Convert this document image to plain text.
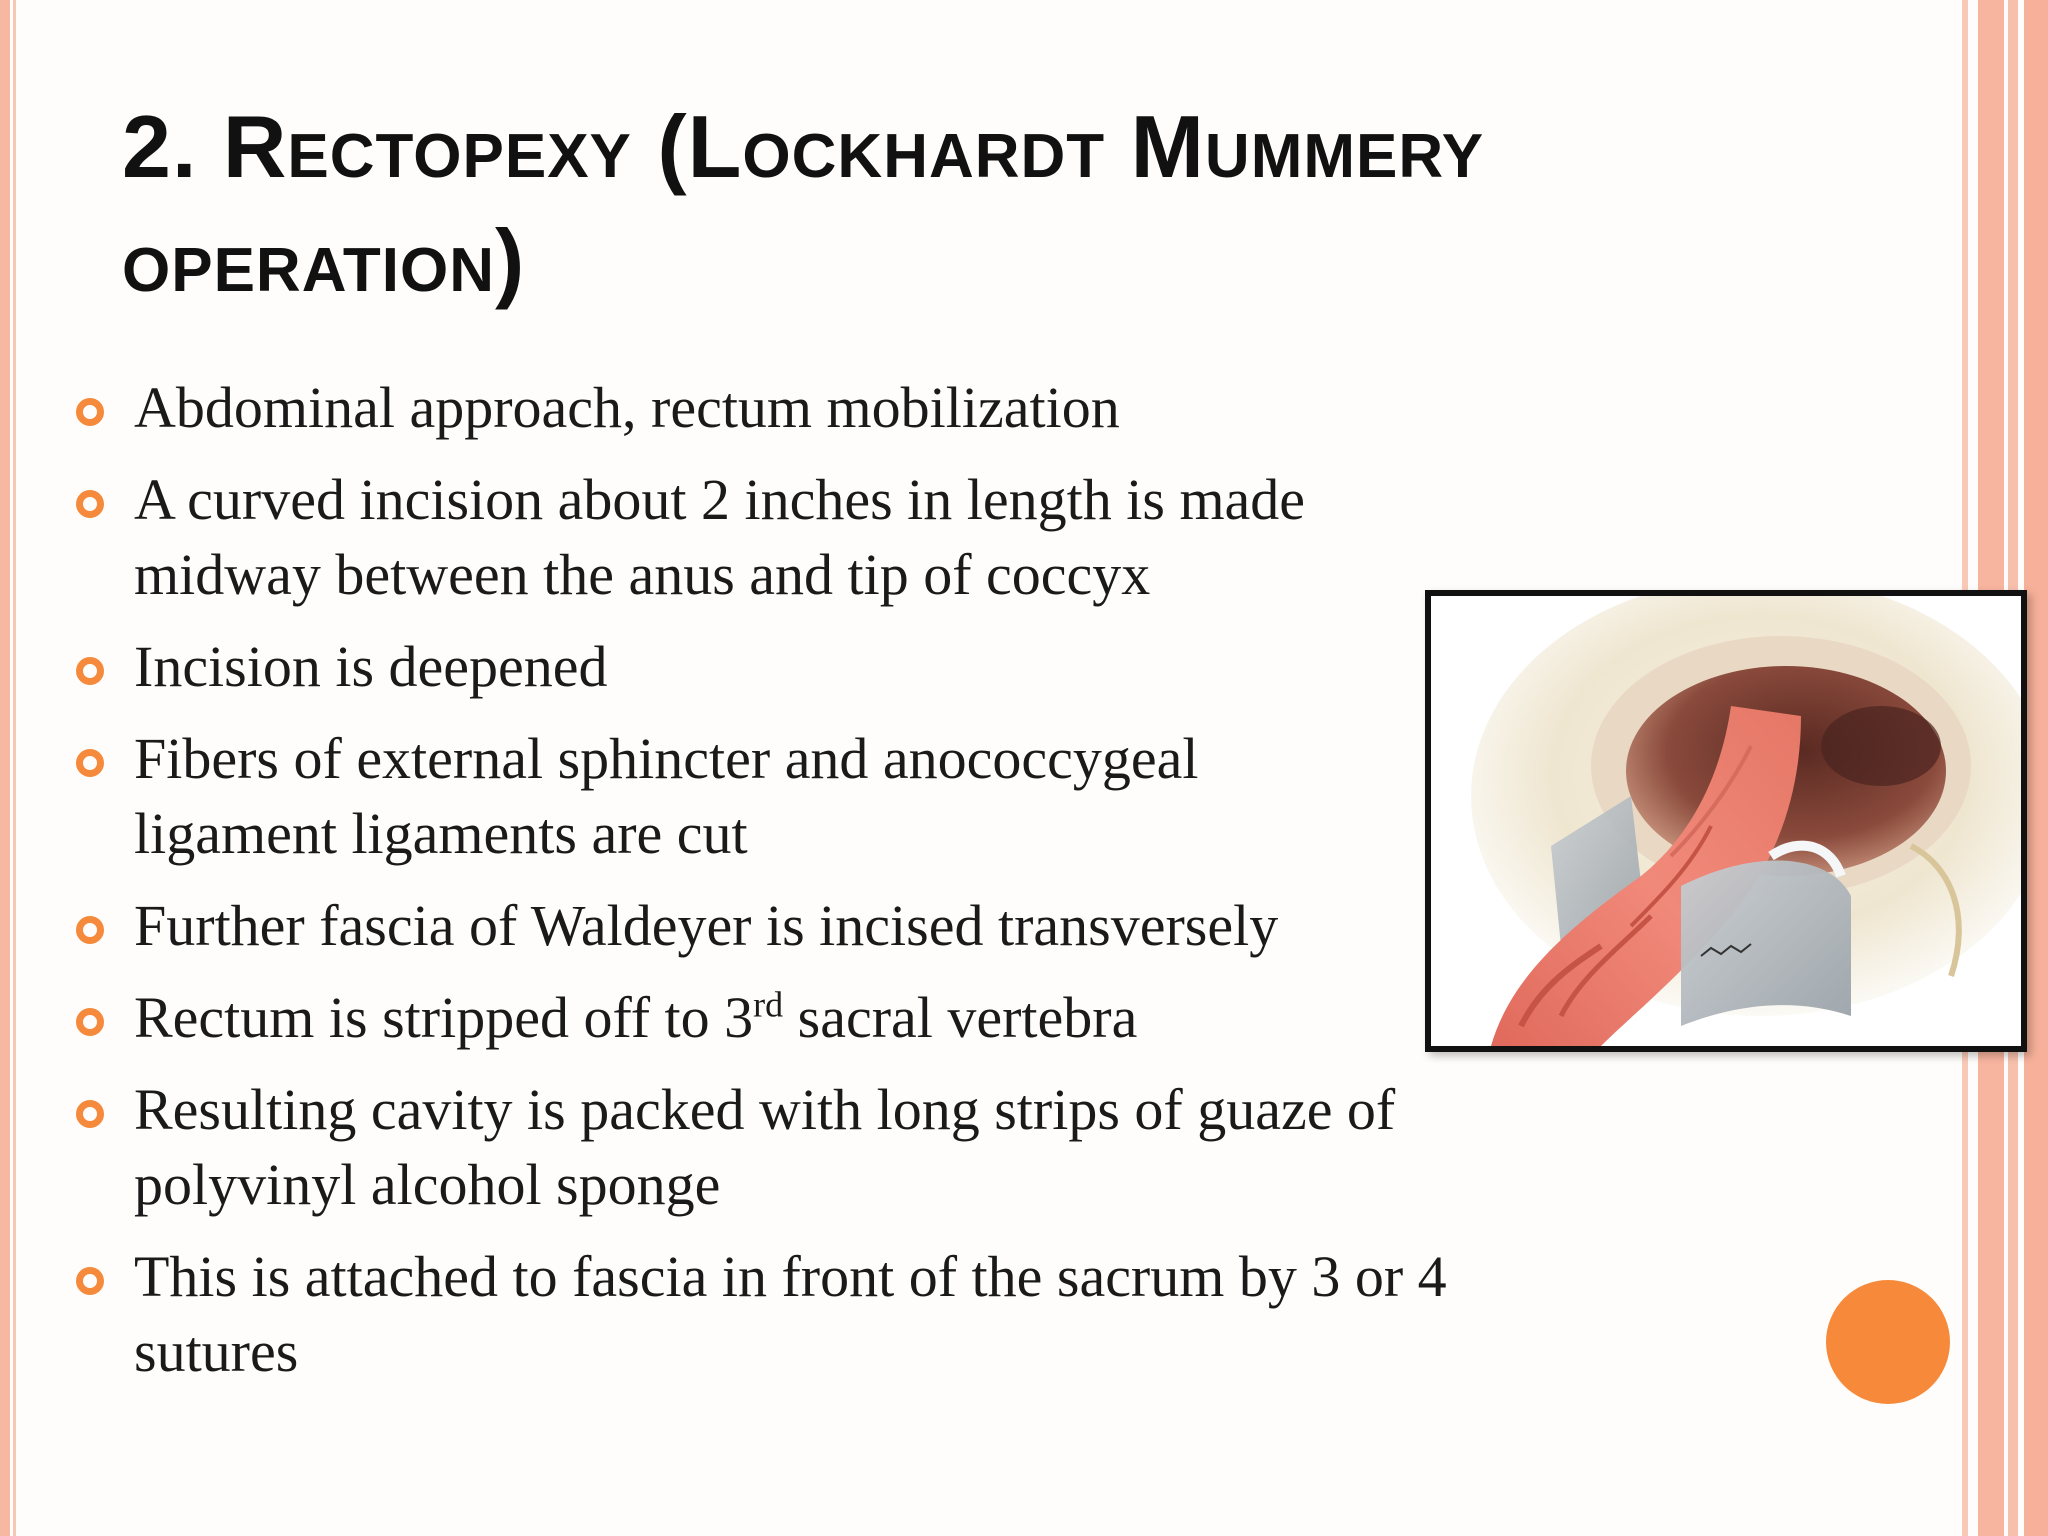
2. Rectopexy (Lockhardt Mummery operation)
Abdominal approach, rectum mobilization
A curved incision about 2 inches in length is made midway between the anus and tip of coccyx
Incision is deepened
Fibers of external sphincter and anococcygeal ligament ligaments are cut
Further fascia of Waldeyer is incised transversely
Rectum is stripped off to 3rd sacral vertebra
Resulting cavity is packed with long strips of guaze of polyvinyl alcohol sponge
This is attached to fascia in front of the sacrum by 3 or 4 sutures
